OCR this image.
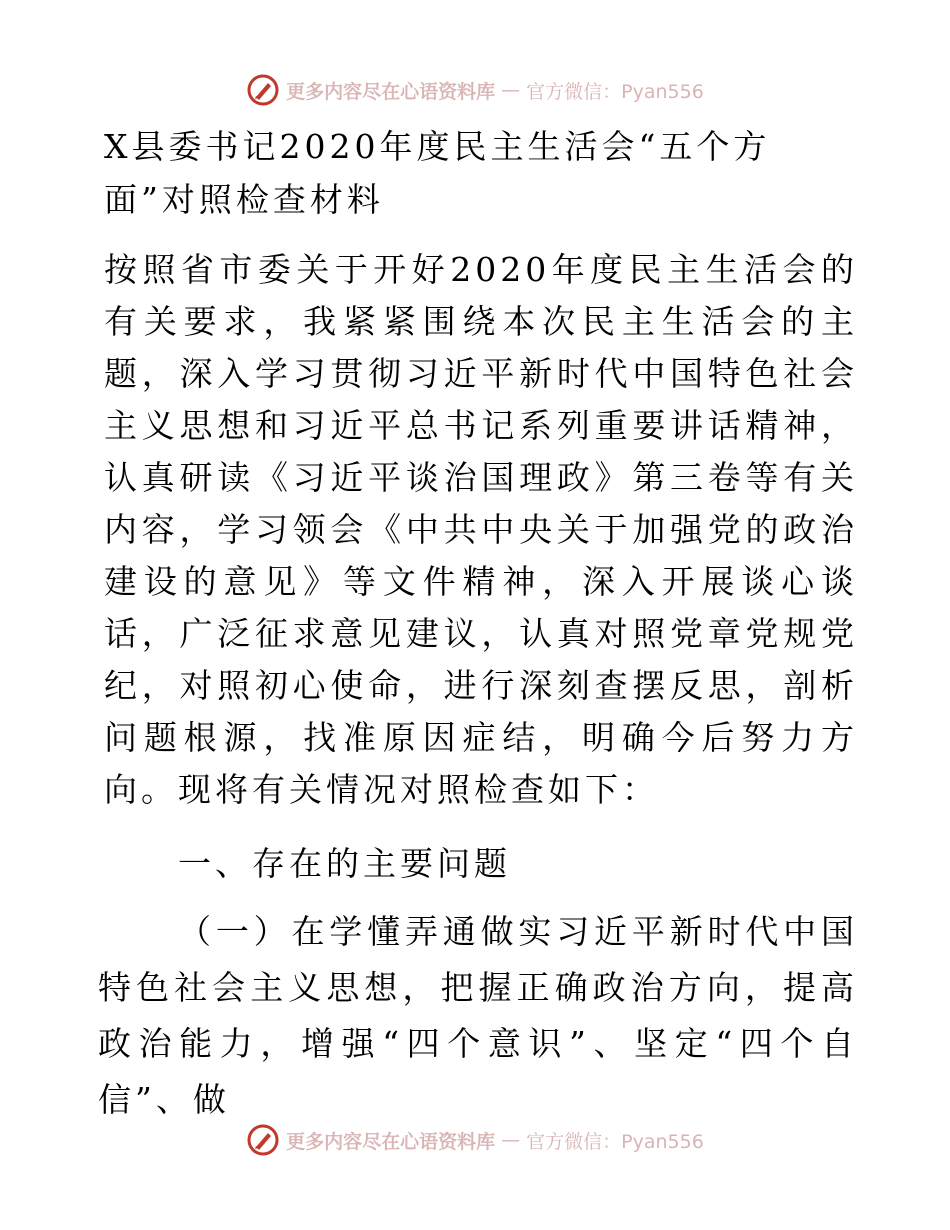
更多内容尽在心语资料库 — 官方微信：Pyan556
X县委书记2020年度民主生活会“五个方面”对照检查材料

按照省市委关于开好2020年度民主生活会的有关要求，我紧紧围绕本次民主生活会的主题，深入学习贯彻习近平新时代中国特色社会主义思想和习近平总书记系列重要讲话精神，认真研读《习近平谈治国理政》第三卷等有关内容，学习领会《中共中央关于加强党的政治建设的意见》等文件精神，深入开展谈心谈话，广泛征求意见建议，认真对照党章党规党纪，对照初心使命，进行深刻查摆反思，剖析问题根源，找准原因症结，明确今后努力方向。现将有关情况对照检查如下：

一、存在的主要问题

（一）在学懂弄通做实习近平新时代中国特色社会主义思想，把握正确政治方向，提高政治能力，增强“四个意识”、坚定“四个自信”、做

更多内容尽在心语资料库 — 官方微信：Pyan556
